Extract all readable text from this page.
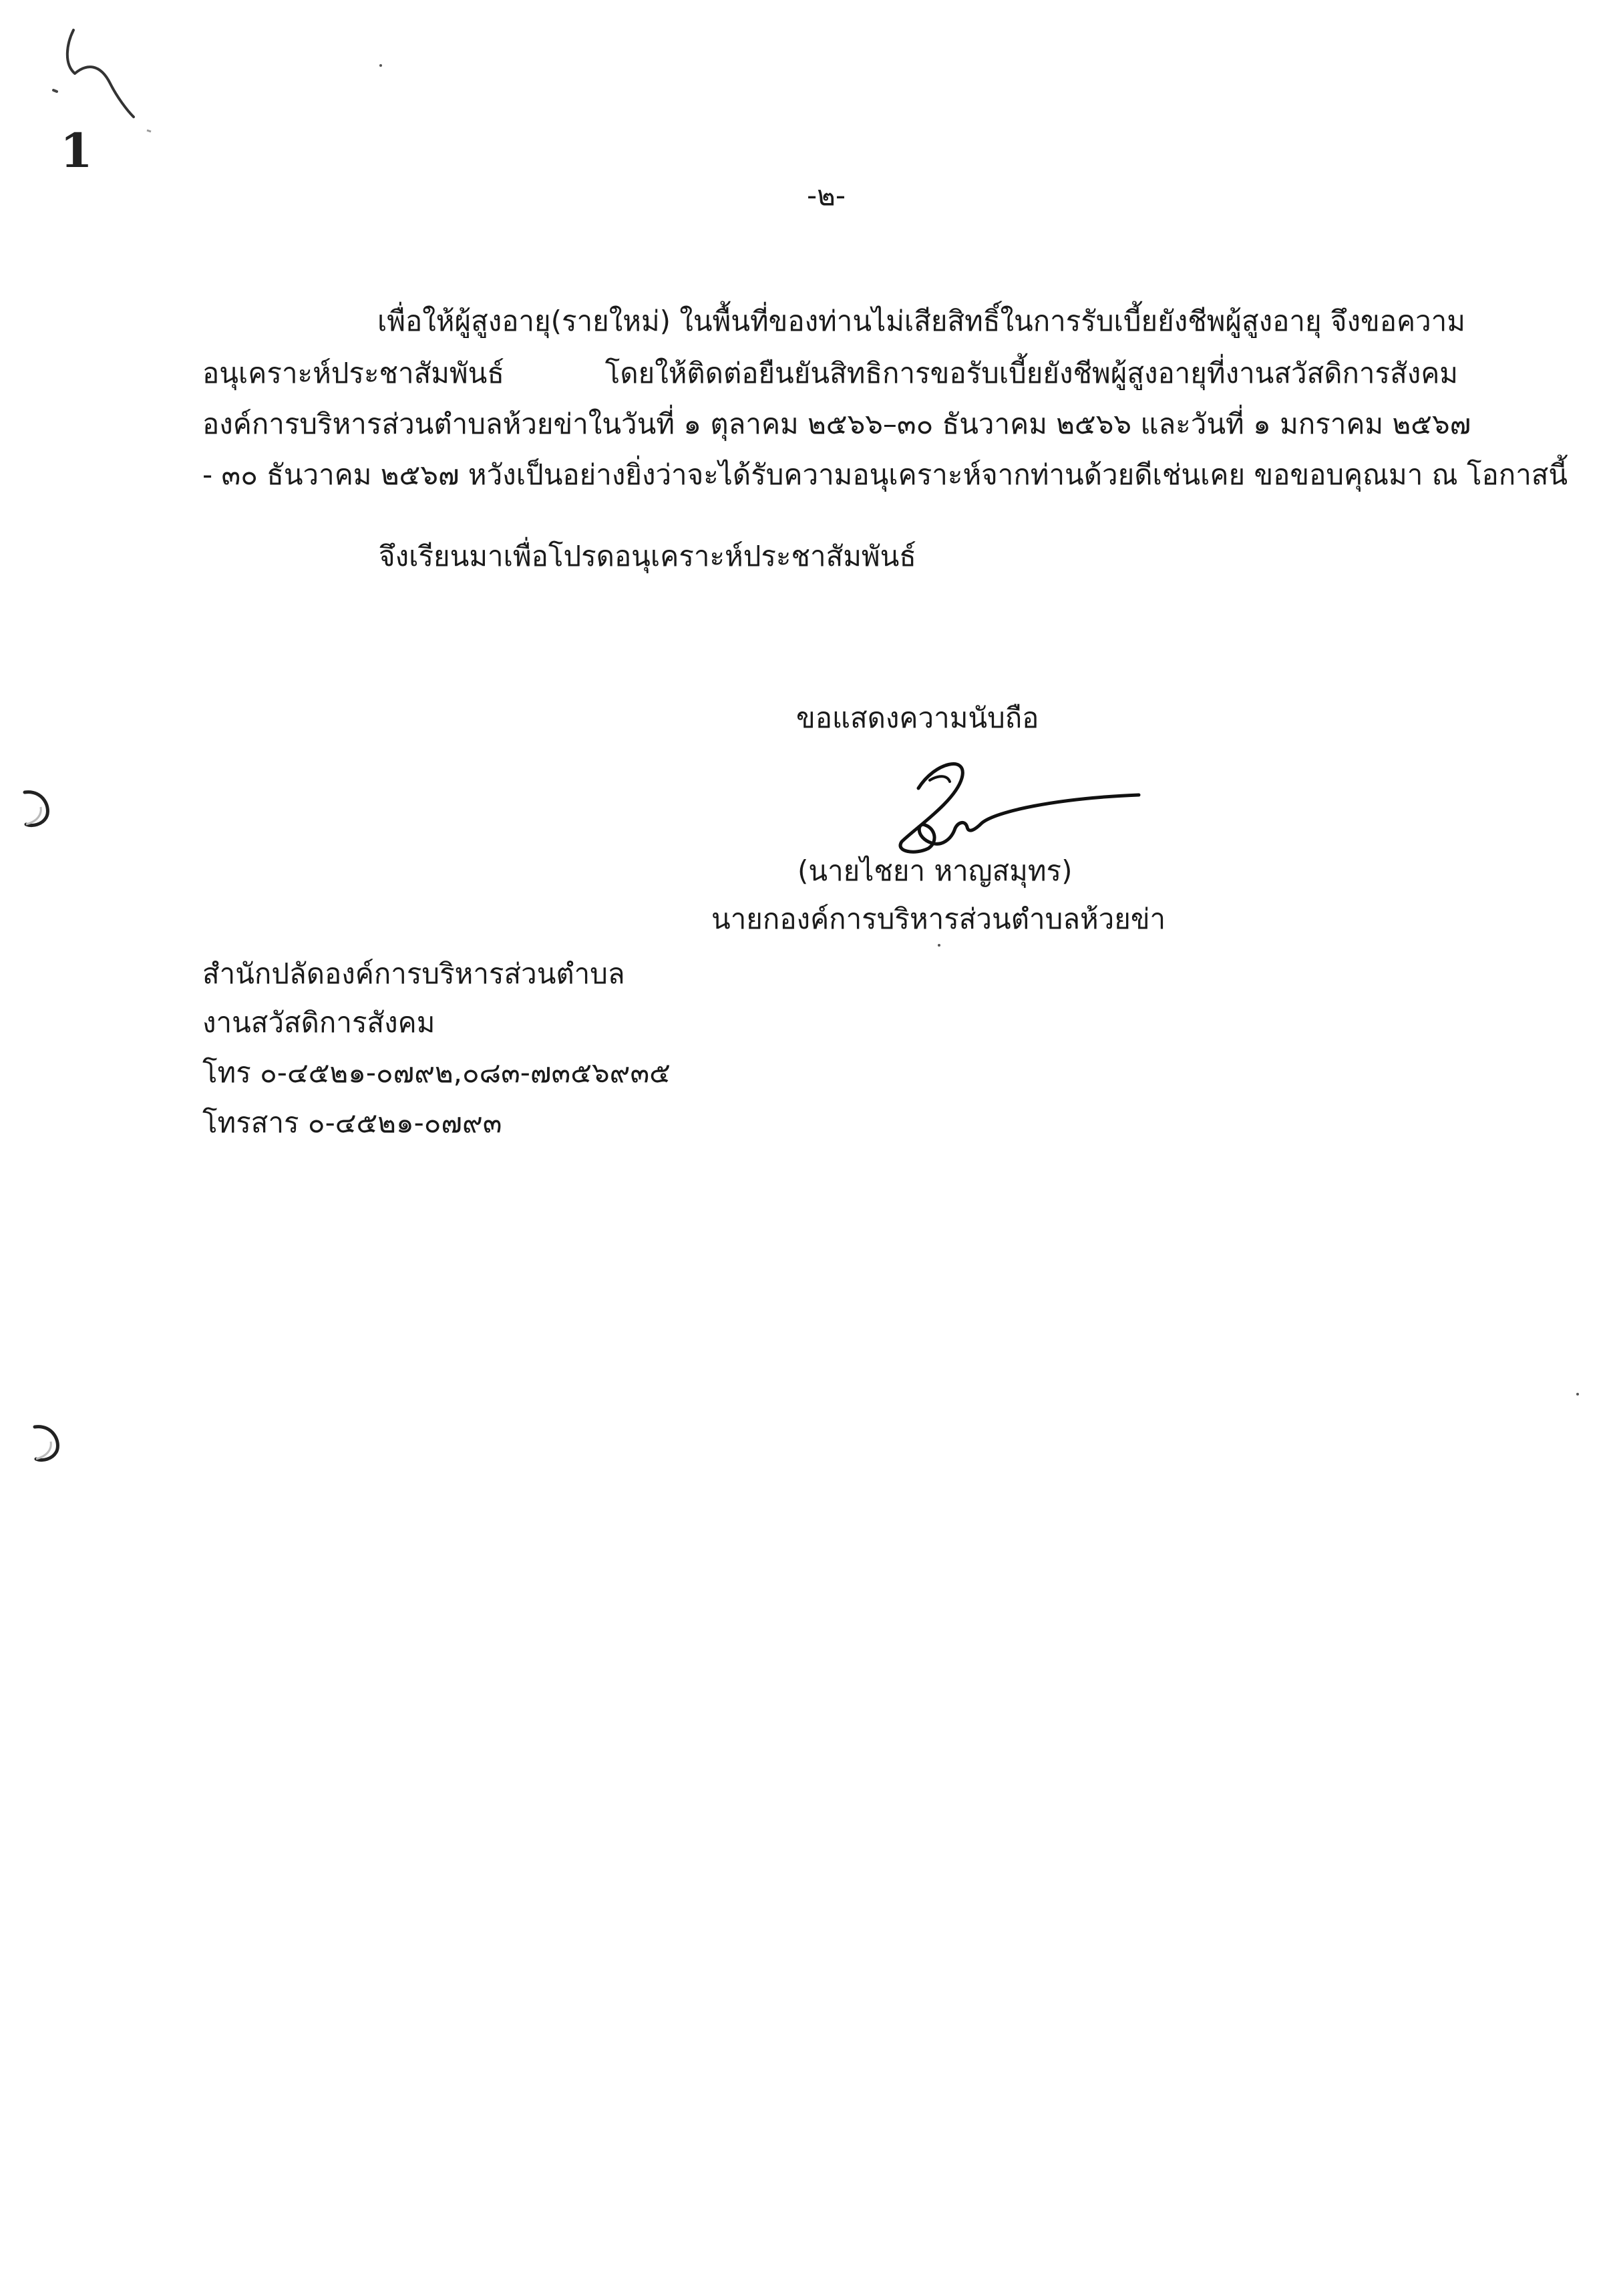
1
-๒-
เพื่อให้ผู้สูงอายุ(รายใหม่) ในพื้นที่ของท่านไม่เสียสิทธิ์ในการรับเบี้ยยังชีพผู้สูงอายุ จึงขอความ
อนุเคราะห์ประชาสัมพันธ์ โดยให้ติดต่อยืนยันสิทธิการขอรับเบี้ยยังชีพผู้สูงอายุที่งานสวัสดิการสังคม
องค์การบริหารส่วนตำบลห้วยข่าในวันที่ ๑ ตุลาคม ๒๕๖๖–๓๐ ธันวาคม ๒๕๖๖ และวันที่ ๑ มกราคม ๒๕๖๗
- ๓๐ ธันวาคม ๒๕๖๗ หวังเป็นอย่างยิ่งว่าจะได้รับความอนุเคราะห์จากท่านด้วยดีเช่นเคย ขอขอบคุณมา ณ โอกาสนี้
จึงเรียนมาเพื่อโปรดอนุเคราะห์ประชาสัมพันธ์
ขอแสดงความนับถือ
(นายไชยา หาญสมุทร)
นายกองค์การบริหารส่วนตำบลห้วยข่า
สำนักปลัดองค์การบริหารส่วนตำบล
งานสวัสดิการสังคม
โทร ๐-๔๕๒๑-๐๗๙๒,๐๘๓-๗๓๕๖๙๓๕
โทรสาร ๐-๔๕๒๑-๐๗๙๓
